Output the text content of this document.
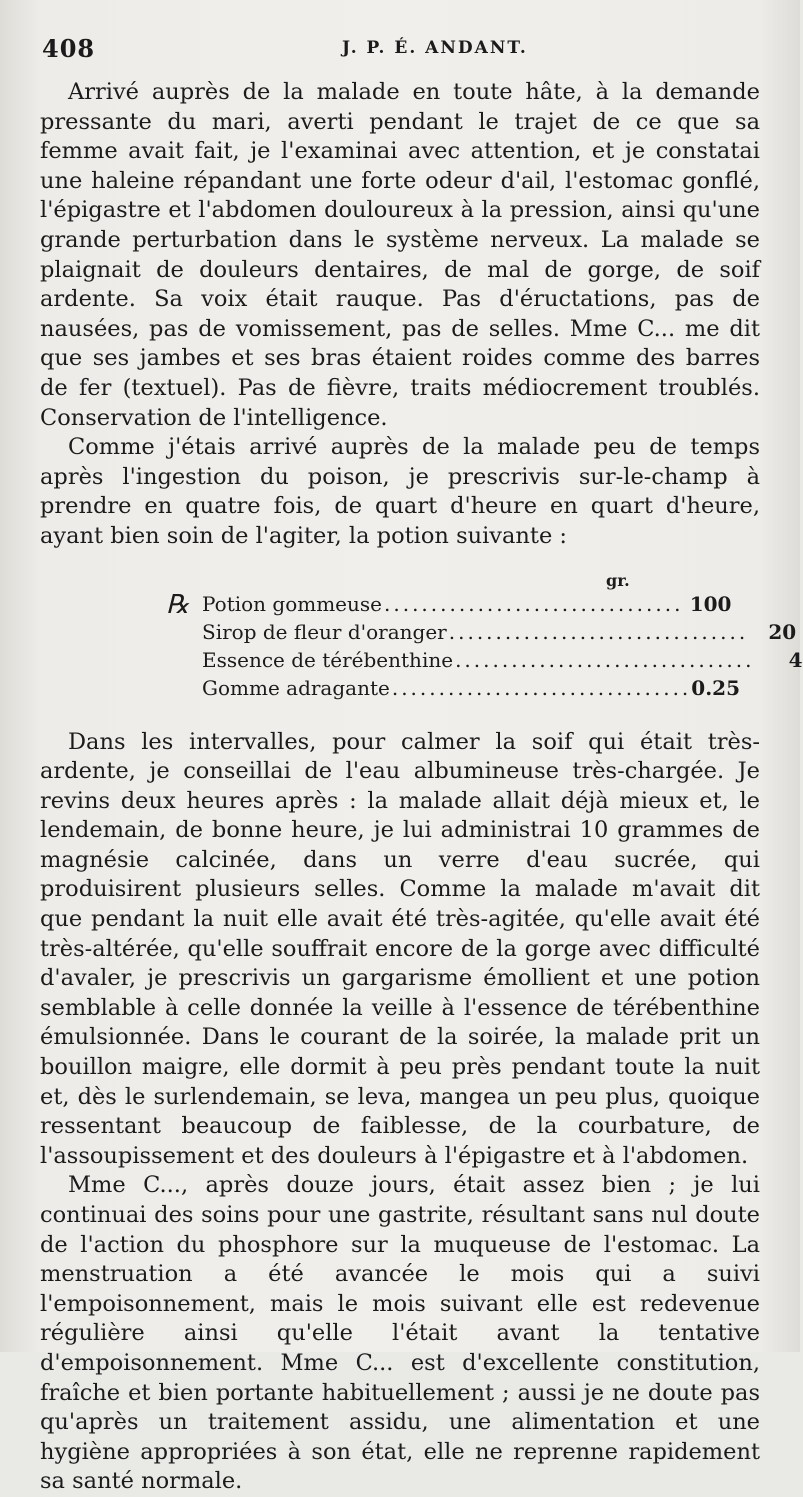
408	J. P. É. ANDANT.

Arrivé auprès de la malade en toute hâte, à la demande pressante du mari, averti pendant le trajet de ce que sa femme avait fait, je l'examinai avec attention, et je constatai une haleine répandant une forte odeur d'ail, l'estomac gonflé, l'épigastre et l'abdomen douloureux à la pression, ainsi qu'une grande perturbation dans le système nerveux. La malade se plaignait de douleurs dentaires, de mal de gorge, de soif ardente. Sa voix était rauque. Pas d'éructations, pas de nausées, pas de vomissement, pas de selles. Mme C... me dit que ses jambes et ses bras étaient roides comme des barres de fer (textuel). Pas de fièvre, traits médiocrement troublés. Conservation de l'intelligence.

Comme j'étais arrivé auprès de la malade peu de temps après l'ingestion du poison, je prescrivis sur-le-champ à prendre en quatre fois, de quart d'heure en quart d'heure, ayant bien soin de l'agiter, la potion suivante :

gr.
℞ Potion gommeuse ................................ 100
Sirop de fleur d'oranger ................................	20
Essence de térébenthine ................................	4
Gomme adragante ................................ 0.25

Dans les intervalles, pour calmer la soif qui était très-ardente, je conseillai de l'eau albumineuse très-chargée. Je revins deux heures après : la malade allait déjà mieux et, le lendemain, de bonne heure, je lui administrai 10 grammes de magnésie calcinée, dans un verre d'eau sucrée, qui produisirent plusieurs selles. Comme la malade m'avait dit que pendant la nuit elle avait été très-agitée, qu'elle avait été très-altérée, qu'elle souffrait encore de la gorge avec difficulté d'avaler, je prescrivis un gargarisme émollient et une potion semblable à celle donnée la veille à l'essence de térébenthine émulsionnée. Dans le courant de la soirée, la malade prit un bouillon maigre, elle dormit à peu près pendant toute la nuit et, dès le surlendemain, se leva, mangea un peu plus, quoique ressentant beaucoup de faiblesse, de la courbature, de l'assoupissement et des douleurs à l'épigastre et à l'abdomen.

Mme C..., après douze jours, était assez bien ; je lui continuai des soins pour une gastrite, résultant sans nul doute de l'action du phosphore sur la muqueuse de l'estomac. La menstruation a été avancée le mois qui a suivi l'empoisonnement, mais le mois suivant elle est redevenue régulière ainsi qu'elle l'était avant la tentative d'empoisonnement. Mme C... est d'excellente constitution, fraîche et bien portante habituellement ; aussi je ne doute pas qu'après un traitement assidu, une alimentation et une hygiène appropriées à son état, elle ne reprenne rapidement sa santé normale.
